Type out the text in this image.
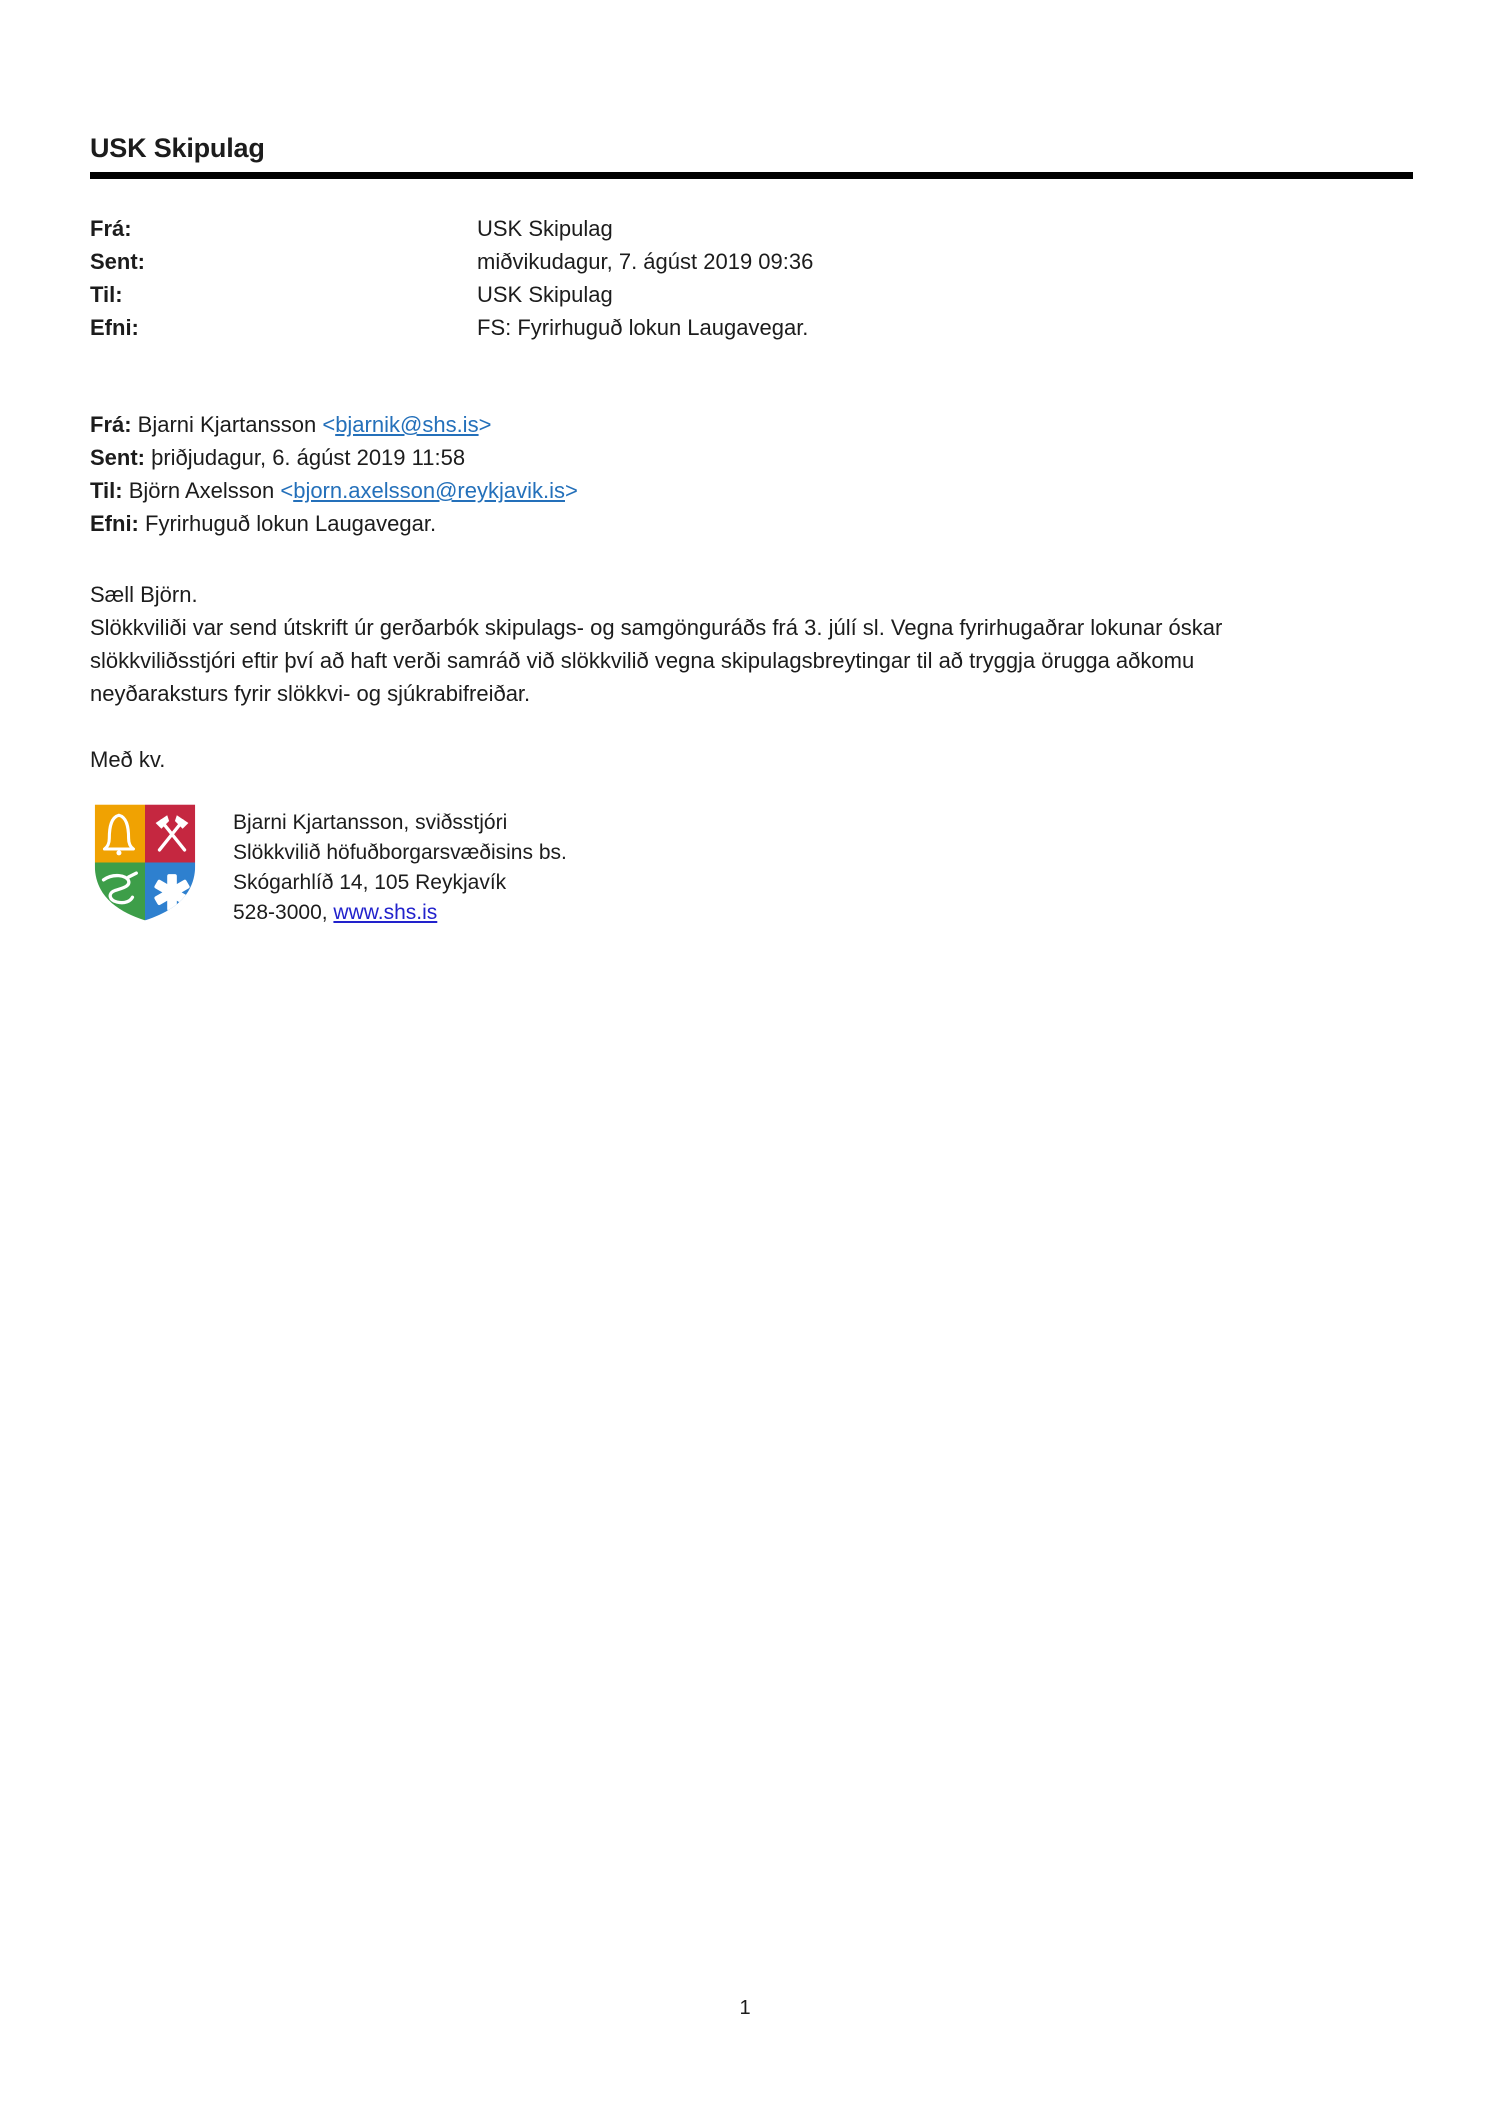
USK Skipulag
Frá:	USK Skipulag
Sent:	miðvikudagur, 7. ágúst 2019 09:36
Til:	USK Skipulag
Efni:	FS: Fyrirhuguð lokun Laugavegar.
Frá: Bjarni Kjartansson <bjarnik@shs.is>
Sent: þriðjudagur, 6. ágúst 2019 11:58
Til: Björn Axelsson <bjorn.axelsson@reykjavik.is>
Efni: Fyrirhuguð lokun Laugavegar.
Sæll Björn.
Slökkviliði var send útskrift úr gerðarbók skipulags- og samgönguráðs frá 3. júlí sl. Vegna fyrirhugaðrar lokunar óskar
slökkviliðsstjóri eftir því að haft verði samráð við slökkvilið vegna skipulagsbreytingar til að tryggja örugga aðkomu
neyðaraksturs fyrir slökkvi- og sjúkrabifreiðar.
Með kv.
Bjarni Kjartansson, sviðsstjóri
Slökkvilið höfuðborgarsvæðisins bs.
Skógarhlíð 14, 105 Reykjavík
528-3000, www.shs.is
1
